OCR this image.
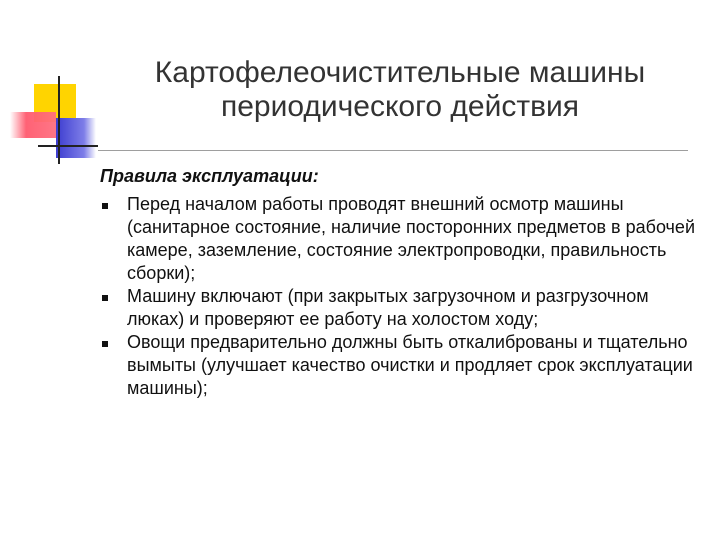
Картофелеочистительные машины
периодического действия
Правила эксплуатации:
Перед началом работы проводят внешний осмотр машины (санитарное состояние, наличие посторонних предметов в рабочей камере, заземление, состояние электропроводки, правильность сборки);
Машину включают (при закрытых загрузочном и разгрузочном люках) и проверяют ее работу на холостом ходу;
Овощи предварительно должны быть откалиброваны и тщательно вымыты (улучшает качество очистки и продляет срок эксплуатации машины);
